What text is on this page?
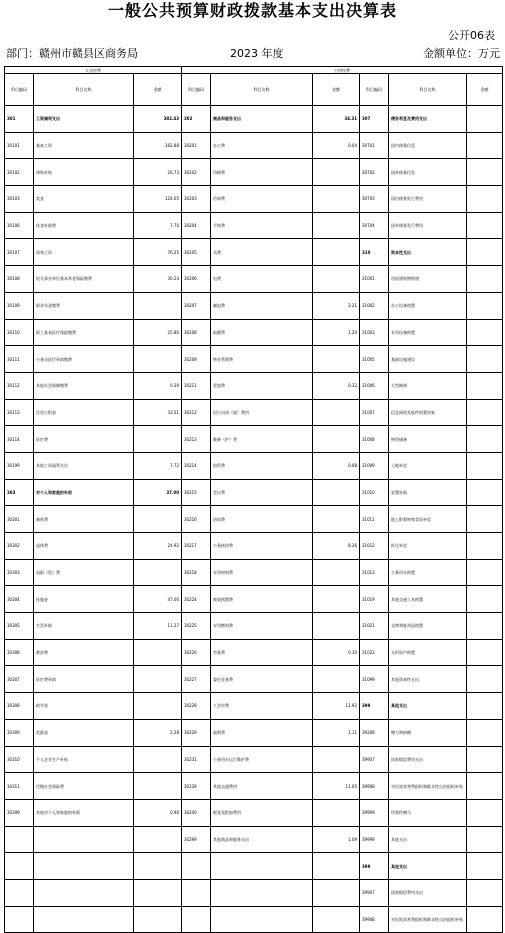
一般公共预算财政拨款基本支出决算表
公开06表
部门：赣州市赣县区商务局	2023 年度	金额单位：万元
人员经费			公用经费					
科目编码	科目名称	金额	科目编码	科目名称	金额	科目编码	科目名称	金额
301	工资福利支出	382.43	302	商品和服务支出	34.31	307	债务利息及费用支出	
30101	基本工资	162.88	30201	办公费	0.04	30701	国内债务付息	
30102	津贴补贴	26.73	30202	印刷费		30702	国外债务付息	
30103	奖金	124.05	30203	咨询费		30703	国内债务发行费用	
30106	伙食补助费	7.70	30204	手续费		30704	国外债务发行费用	
30107	绩效工资	76.25	30205	水费		310	资本性支出	
30108	机关事业单位基本养老保险缴费	30.24	30206	电费		31001	房屋建筑物购建	
30109	职业年金缴费		30207	邮电费	2.21	31002	办公设备购置	
30110	职工基本医疗保险缴费	25.80	30208	取暖费	1.20	31003	专用设备购置	
30111	公务员医疗补助缴费		30209	物业管理费		31005	基础设施建设	
30112	其他社会保障缴费	0.39	30211	差旅费	0.32	31006	大型修缮	
30113	住房公积金	33.51	30212	因公出国（境）费用		31007	信息网络及软件购置更新	
30114	医疗费		30213	维修（护）费		31008	物资储备	
30199	其他工资福利支出	7.72	30214	租赁费	0.08	31009	土地补偿	
303	对个人和家庭的补助	37.00	30215	会议费		31010	安置补助	
30301	离休费		30216	培训费		31011	地上附着物和青苗补偿	
30302	退休费	24.92	30217	公务接待费	8.26	31012	拆迁补偿	
30303	退职（役）费		30218	专用材料费		31013	公务用车购置	
30304	抚恤金	47.00	30224	被装购置费		31019	其他交通工具购置	
30305	生活补助	11.27	30225	专用燃料费		31021	文物和陈列品购置	
30306	救济费		30226	劳务费	0.30	31022	无形资产购置	
30307	医疗费补助		30227	委托业务费		31099	其他资本性支出	
30308	助学金		30228	工会经费	11.92	399	其他支出	
30309	奖励金	2.28	30229	福利费	1.11	39206	赠与和捐赠	
30310	个人农业生产补贴		30231	公务用车运行维护费		39907	国家赔偿费用支出	
30311	代缴社会保险费		30239	其他交通费用	11.05	39908	对民间非营利组织和群众性自治组织补贴	
30399	其他对个人和家庭的补助	0.90	30240	税金及附加费用		39909	经常性赠与	
			30299	其他商品和服务支出	1.09	39999	其他支出	
						399	其他支出	
						39907	国家赔偿费用支出	
						39908	对民间非营利组织和群众性自治组织补贴	
